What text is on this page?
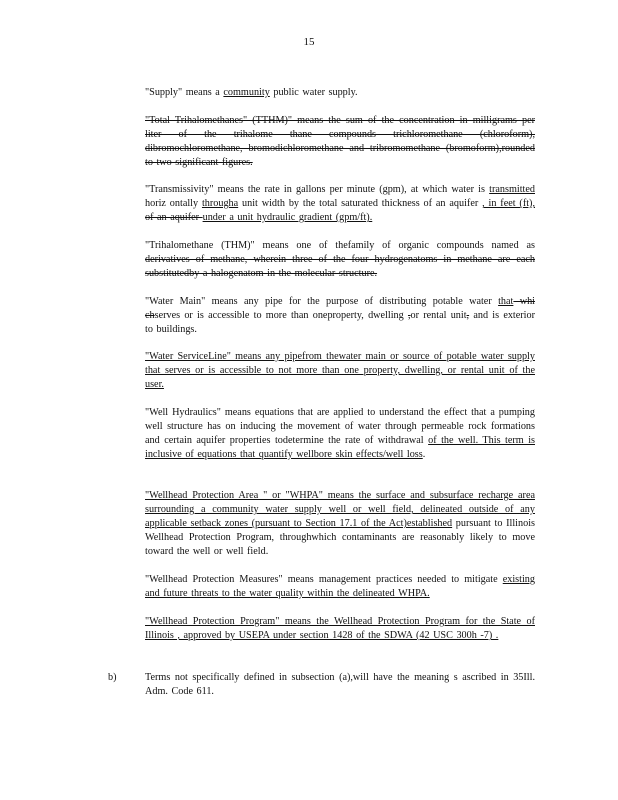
15
"Supply" means a community public water supply.
"Total Trihalomethanes" (TTHM)" means the sum of the concentration in milligrams per liter of the trihalome thane compounds trichloromethane (chloroform), dibromochloromethane, bromodichloromethane and tribromomethane (bromoform),rounded to two significant figures.
"Transmissivity" means the rate in gallons per minute (gpm), at which water is transmitted horiz ontally througha unit width by the total saturated thickness of an aquifer , in feet (ft), of an aquifer under a unit hydraulic gradient (gpm/ft).
"Trihalomethane (THM)" means one of thefamily of organic compounds named as derivatives of methane, wherein three of the four hydrogenatoms in methane are each substitutedby a halogenatom in the molecular structure.
"Water Main" means any pipe for the purpose of distributing potable water that whi chserves or is accessible to more than oneproperty, dwelling ,or rental unit, and is exterior to buildings.
"Water ServiceLine" means any pipefrom thewater main or source of potable water supply that serves or is accessible to not more than one property, dwelling, or rental unit of the user.
"Well Hydraulics" means equations that are applied to understand the effect that a pumping well structure has on inducing the movement of water through permeable rock formations and certain aquifer properties todetermine the rate of withdrawal of the well. This term is inclusive of equations that quantify wellbore skin effects/well loss.
"Wellhead Protection Area " or "WHPA" means the surface and subsurface recharge area surrounding a community water supply well or well field, delineated outside of any applicable setback zones (pursuant to Section 17.1 of the Act)established pursuant to Illinois Wellhead Protection Program, throughwhich contaminants are reasonably likely to move toward the well or well field.
"Wellhead Protection Measures" means management practices needed to mitigate existing and future threats to the water quality within the delineated WHPA.
"Wellhead Protection Program" means the Wellhead Protection Program for the State of Illinois , approved by USEPA under section 1428 of the SDWA (42 USC 300h -7) .
b)	Terms not specifically defined in subsection (a),will have the meaning s ascribed in 35Ill. Adm. Code 611.
